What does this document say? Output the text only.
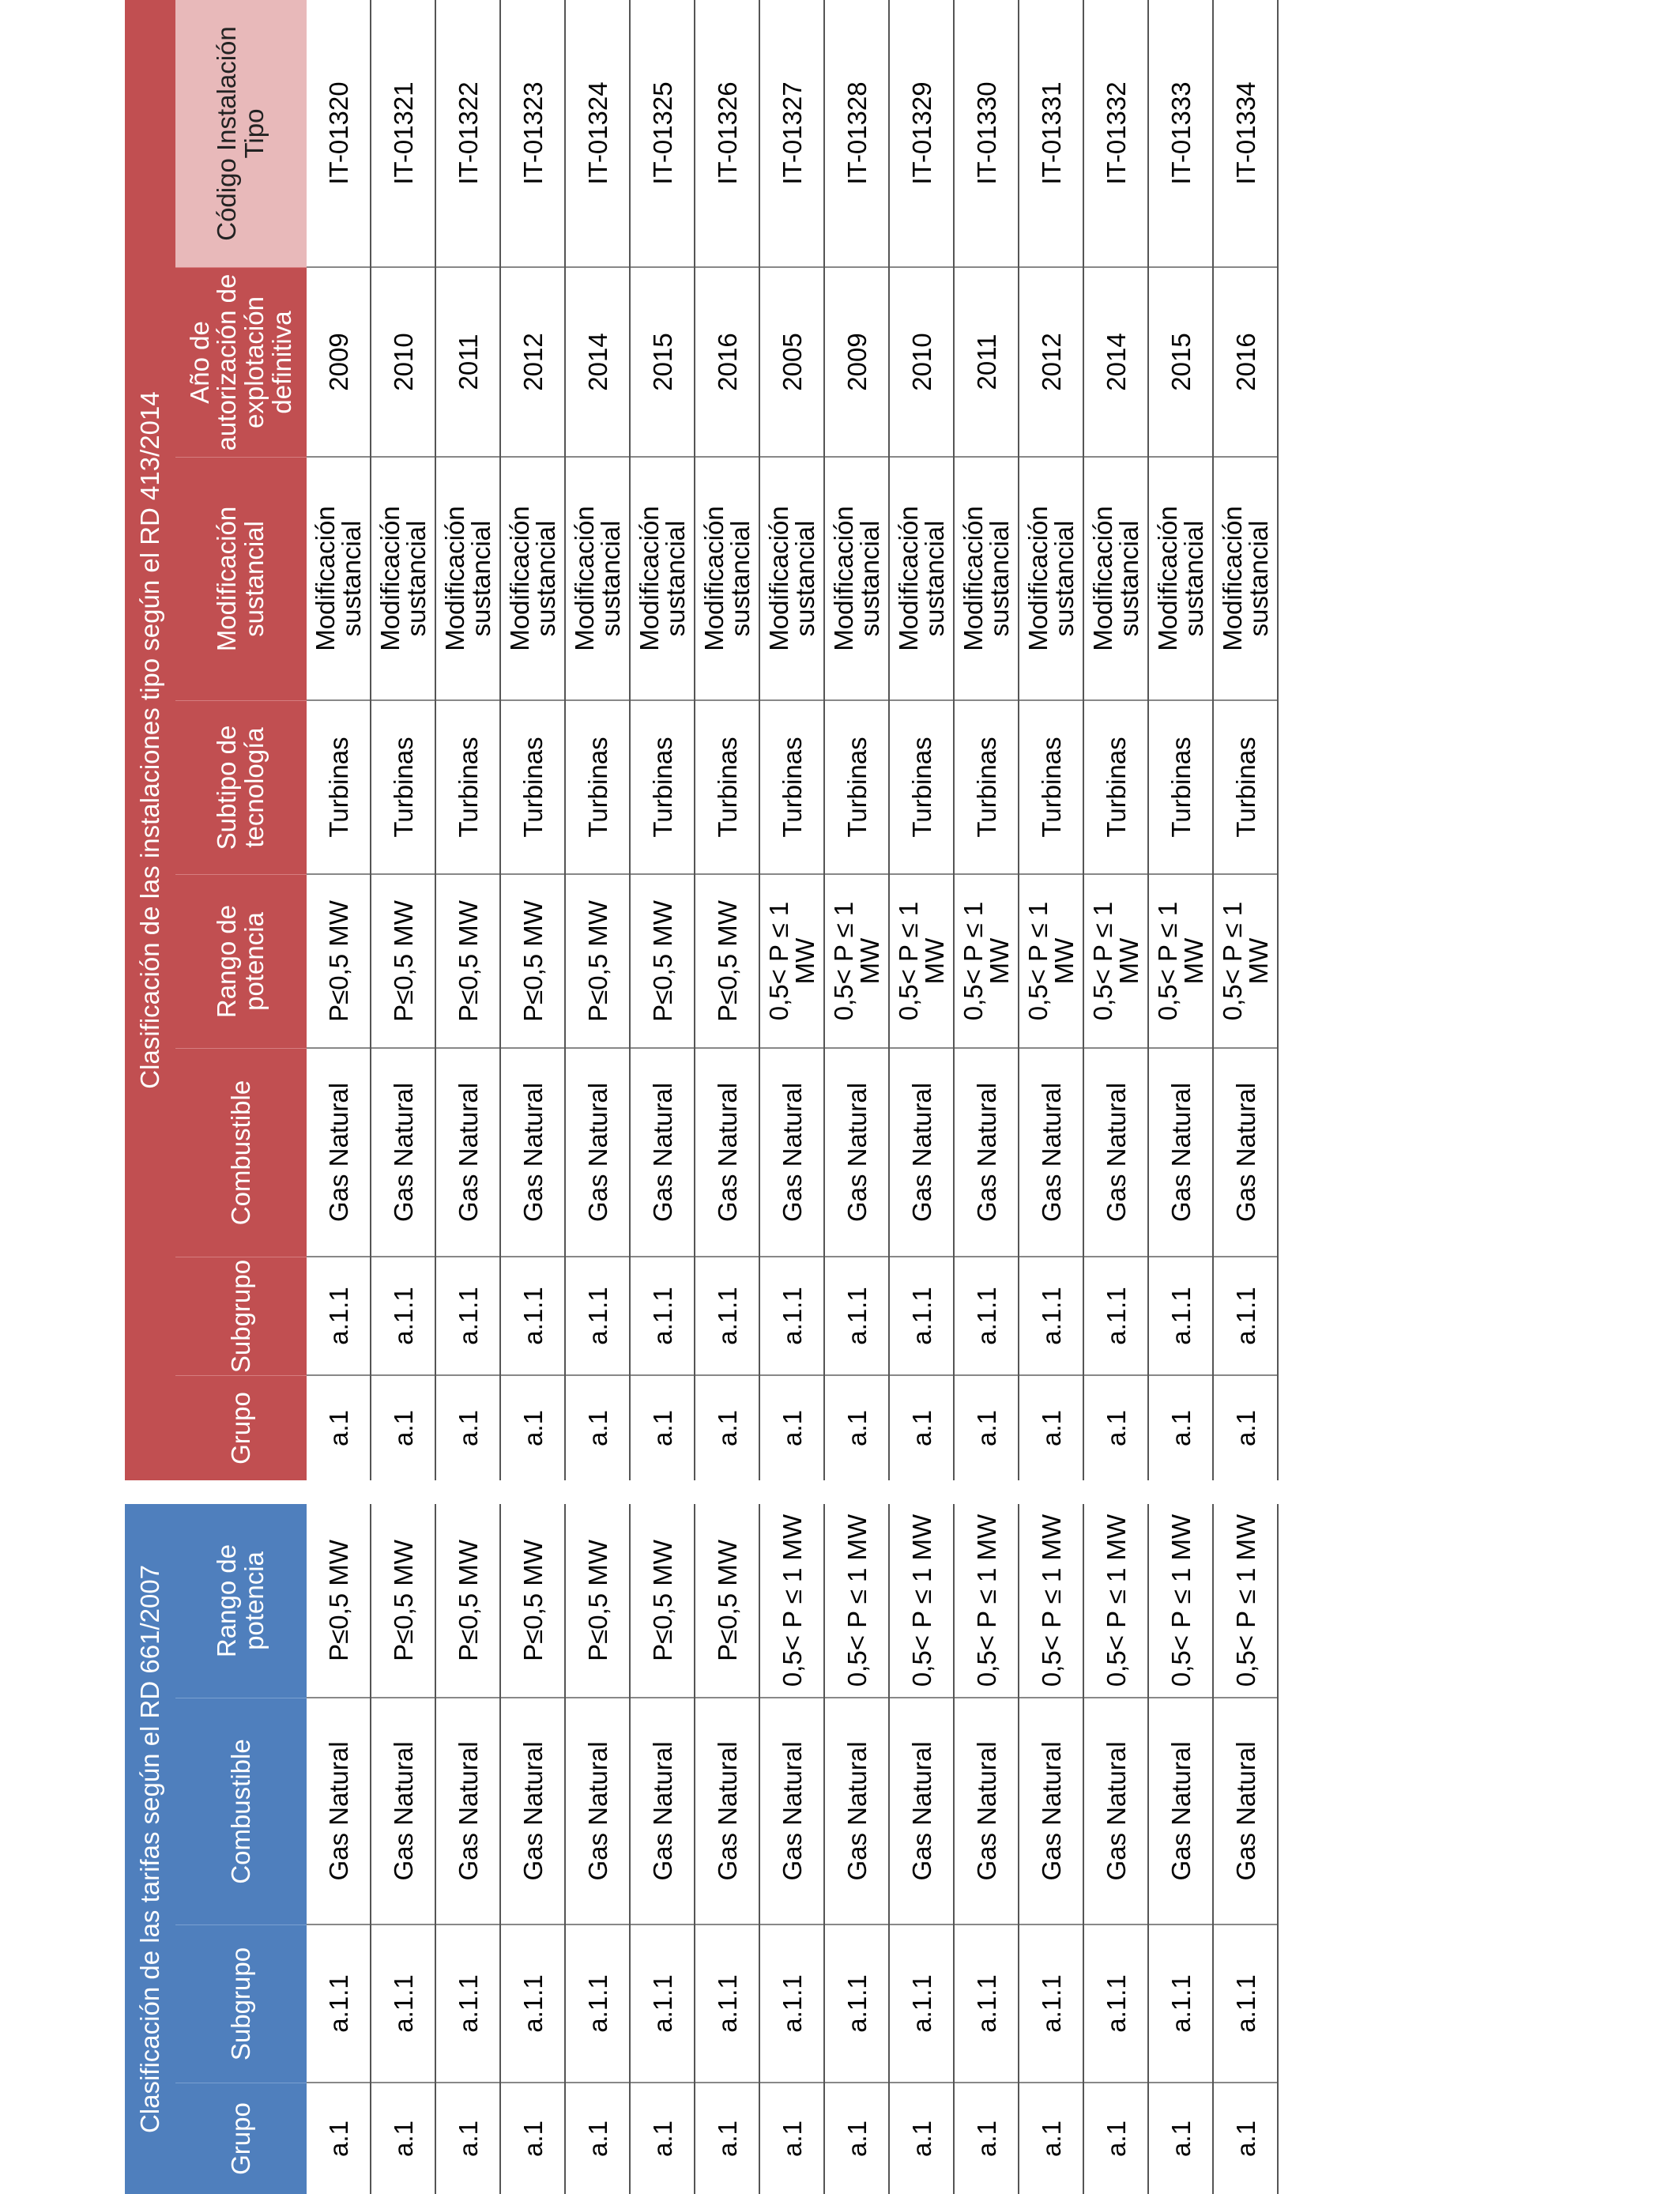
Clasificación de las tarifas según el RD 661/2007
Grupo
Subgrupo
Combustible
Rango de potencia
a.1
a.1.1
Gas Natural
P≤0,5 MW
a.1
a.1.1
Gas Natural
P≤0,5 MW
a.1
a.1.1
Gas Natural
P≤0,5 MW
a.1
a.1.1
Gas Natural
P≤0,5 MW
a.1
a.1.1
Gas Natural
P≤0,5 MW
a.1
a.1.1
Gas Natural
P≤0,5 MW
a.1
a.1.1
Gas Natural
P≤0,5 MW
a.1
a.1.1
Gas Natural
0,5< P ≤ 1 MW
a.1
a.1.1
Gas Natural
0,5< P ≤ 1 MW
a.1
a.1.1
Gas Natural
0,5< P ≤ 1 MW
a.1
a.1.1
Gas Natural
0,5< P ≤ 1 MW
a.1
a.1.1
Gas Natural
0,5< P ≤ 1 MW
a.1
a.1.1
Gas Natural
0,5< P ≤ 1 MW
a.1
a.1.1
Gas Natural
0,5< P ≤ 1 MW
a.1
a.1.1
Gas Natural
0,5< P ≤ 1 MW
Clasificación de las instalaciones tipo según el RD 413/2014
Grupo
Subgrupo
Combustible
Rango de potencia
Subtipo de tecnología
Modificación sustancial
Año de autorización de explotación definitiva
Código Instalación Tipo
a.1
a.1.1
Gas Natural
P≤0,5 MW
Turbinas
Modificación sustancial
2009
IT-01320
a.1
a.1.1
Gas Natural
P≤0,5 MW
Turbinas
Modificación sustancial
2010
IT-01321
a.1
a.1.1
Gas Natural
P≤0,5 MW
Turbinas
Modificación sustancial
2011
IT-01322
a.1
a.1.1
Gas Natural
P≤0,5 MW
Turbinas
Modificación sustancial
2012
IT-01323
a.1
a.1.1
Gas Natural
P≤0,5 MW
Turbinas
Modificación sustancial
2014
IT-01324
a.1
a.1.1
Gas Natural
P≤0,5 MW
Turbinas
Modificación sustancial
2015
IT-01325
a.1
a.1.1
Gas Natural
P≤0,5 MW
Turbinas
Modificación sustancial
2016
IT-01326
a.1
a.1.1
Gas Natural
0,5< P ≤ 1 MW
Turbinas
Modificación sustancial
2005
IT-01327
a.1
a.1.1
Gas Natural
0,5< P ≤ 1 MW
Turbinas
Modificación sustancial
2009
IT-01328
a.1
a.1.1
Gas Natural
0,5< P ≤ 1 MW
Turbinas
Modificación sustancial
2010
IT-01329
a.1
a.1.1
Gas Natural
0,5< P ≤ 1 MW
Turbinas
Modificación sustancial
2011
IT-01330
a.1
a.1.1
Gas Natural
0,5< P ≤ 1 MW
Turbinas
Modificación sustancial
2012
IT-01331
a.1
a.1.1
Gas Natural
0,5< P ≤ 1 MW
Turbinas
Modificación sustancial
2014
IT-01332
a.1
a.1.1
Gas Natural
0,5< P ≤ 1 MW
Turbinas
Modificación sustancial
2015
IT-01333
a.1
a.1.1
Gas Natural
0,5< P ≤ 1 MW
Turbinas
Modificación sustancial
2016
IT-01334
